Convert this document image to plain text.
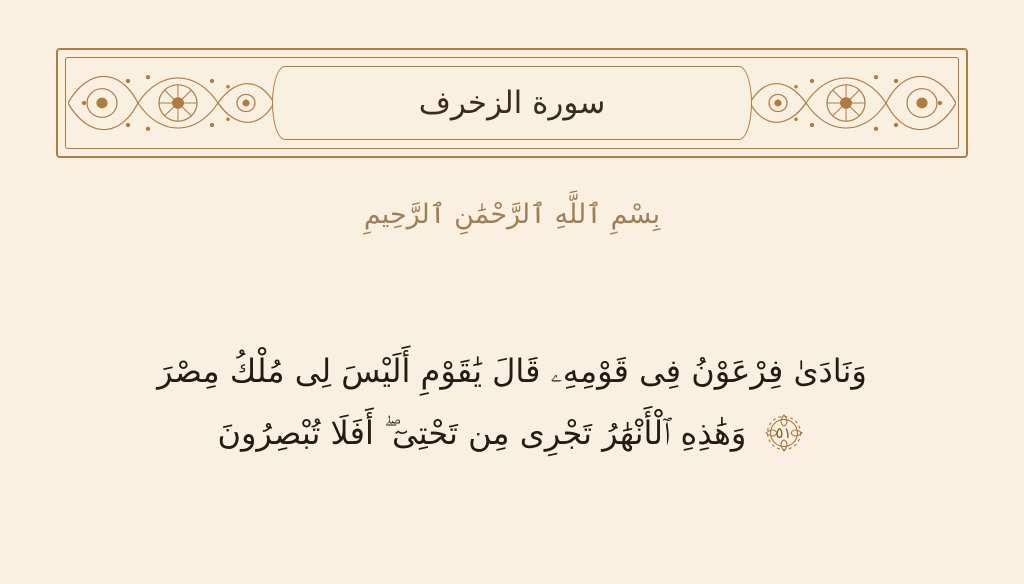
سورة الزخرف
بِسْمِ ٱللَّهِ ٱلرَّحْمَٰنِ ٱلرَّحِيمِ
وَنَادَىٰ فِرْعَوْنُ فِى قَوْمِهِۦ قَالَ يَٰقَوْمِ أَلَيْسَ لِى مُلْكُ مِصْرَ
٥١
وَهَٰذِهِ ٱلْأَنْهَٰرُ تَجْرِى مِن تَحْتِىٓ ۖ أَفَلَا تُبْصِرُونَ
